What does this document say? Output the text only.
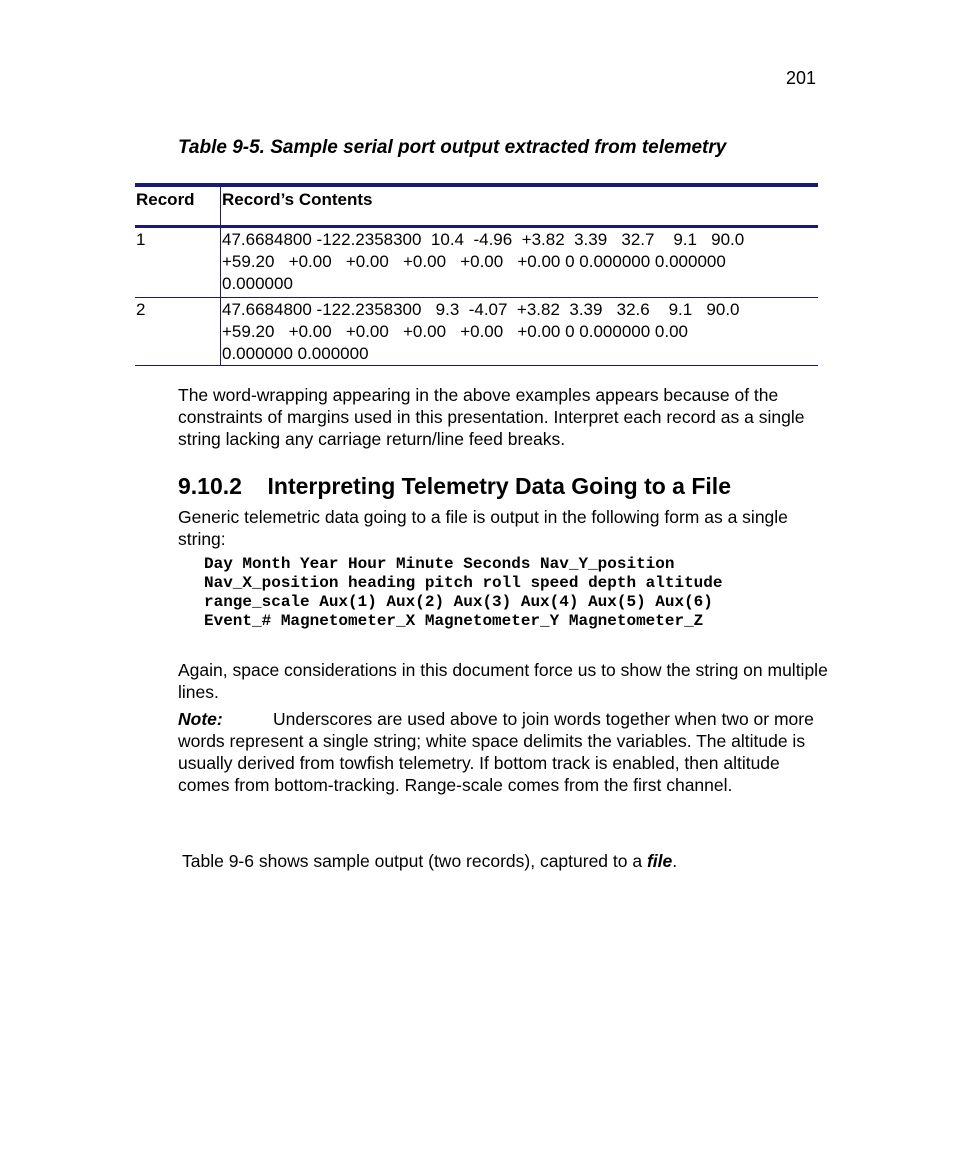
201
Table 9-5. Sample serial port output extracted from telemetry
Record	Record’s Contents
1	47.6684800 -122.2358300  10.4  -4.96  +3.82  3.39   32.7    9.1   90.0
+59.20   +0.00   +0.00   +0.00   +0.00   +0.00 0 0.000000 0.000000
0.000000

2	47.6684800 -122.2358300   9.3  -4.07  +3.82  3.39   32.6    9.1   90.0
+59.20   +0.00   +0.00   +0.00   +0.00   +0.00 0 0.000000 0.00
0.000000 0.000000

The word-wrapping appearing in the above examples appears because of the constraints of margins used in this presentation. Interpret each record as a single string lacking any carriage return/line feed breaks.

9.10.2    Interpreting Telemetry Data Going to a File

Generic telemetric data going to a file is output in the following form as a single string:

Day Month Year Hour Minute Seconds Nav_Y_position
Nav_X_position heading pitch roll speed depth altitude
range_scale Aux(1) Aux(2) Aux(3) Aux(4) Aux(5) Aux(6)
Event_# Magnetometer_X Magnetometer_Y Magnetometer_Z

Again, space considerations in this document force us to show the string on multiple lines.

Note:	Underscores are used above to join words together when two or more words represent a single string; white space delimits the variables. The altitude is usually derived from towfish telemetry. If bottom track is enabled, then altitude comes from bottom-tracking. Range-scale comes from the first channel.

Table 9-6 shows sample output (two records), captured to a file.
